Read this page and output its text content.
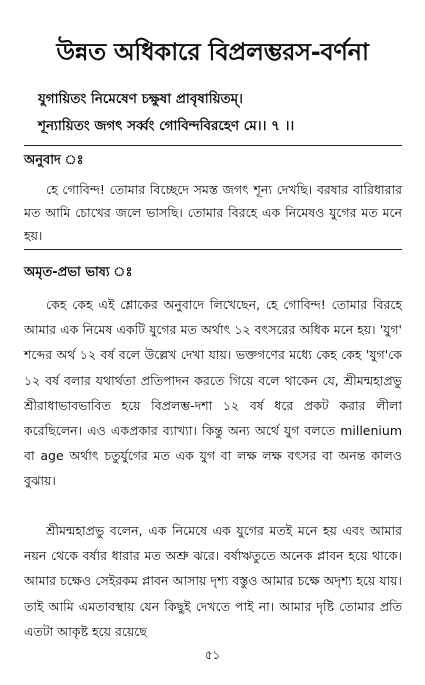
উন্নত অধিকারে বিপ্রলম্ভরস-বর্ণনা
যুগায়িতং নিমেষেণ চক্ষুষা প্রাবৃষায়িতম্।
শূন্যায়িতং জগৎ সর্ব্বং গোবিন্দবিরহেণ মে।। ৭ ।।
অনুবাদ ঃ

হে গোবিন্দ! তোমার বিচ্ছেদে সমস্ত জগৎ শূন্য দেখছি। বরষার বারিধারার মত আমি চোখের জলে ভাসছি। তোমার বিরহে এক নিমেষও যুগের মত মনে হয়।

অমৃত-প্রভা ভাষ্য ঃ

কেহ কেহ এই শ্লোকের অনুবাদে লিখেছেন, হে গোবিন্দ! তোমার বিরহে আমার এক নিমেষ একটি যুগের মত অর্থাৎ ১২ বৎসরের অধিক মনে হয়। 'যুগ' শব্দের অর্থ ১২ বর্ষ বলে উল্লেখ দেখা যায়। ভক্তগণের মধ্যে কেহ কেহ 'যুগ'কে ১২ বর্ষ বলার যথার্থতা প্রতিপাদন করতে গিয়ে বলে থাকেন যে, শ্রীমন্মহাপ্রভু শ্রীরাধাভাবভাবিত হয়ে বিপ্রলম্ভ-দশা ১২ বর্ষ ধরে প্রকট করার লীলা করেছিলেন। এও একপ্রকার ব্যাখ্যা। কিন্তু অন্য অর্থে যুগ বলতে millenium বা age অর্থাৎ চতুর্যুগের মত এক যুগ বা লক্ষ লক্ষ বৎসর বা অনন্ত কালও বুঝায়।

শ্রীমন্মহাপ্রভু বলেন, এক নিমেষে এক যুগের মতই মনে হয় এবং আমার নয়ন থেকে বর্ষার ধারার মত অশ্রু ঝরে। বর্ষাঋতুতে অনেক প্লাবন হয়ে থাকে। আমার চক্ষেও সেইরকম প্লাবন আসায় দৃশ্য বস্তুও আমার চক্ষে অদৃশ্য হয়ে যায়। তাই আমি এমতাবস্থায় যেন কিছুই দেখতে পাই না। আমার দৃষ্টি তোমার প্রতি এতটা আকৃষ্ট হয়ে রয়েছে

৫১
